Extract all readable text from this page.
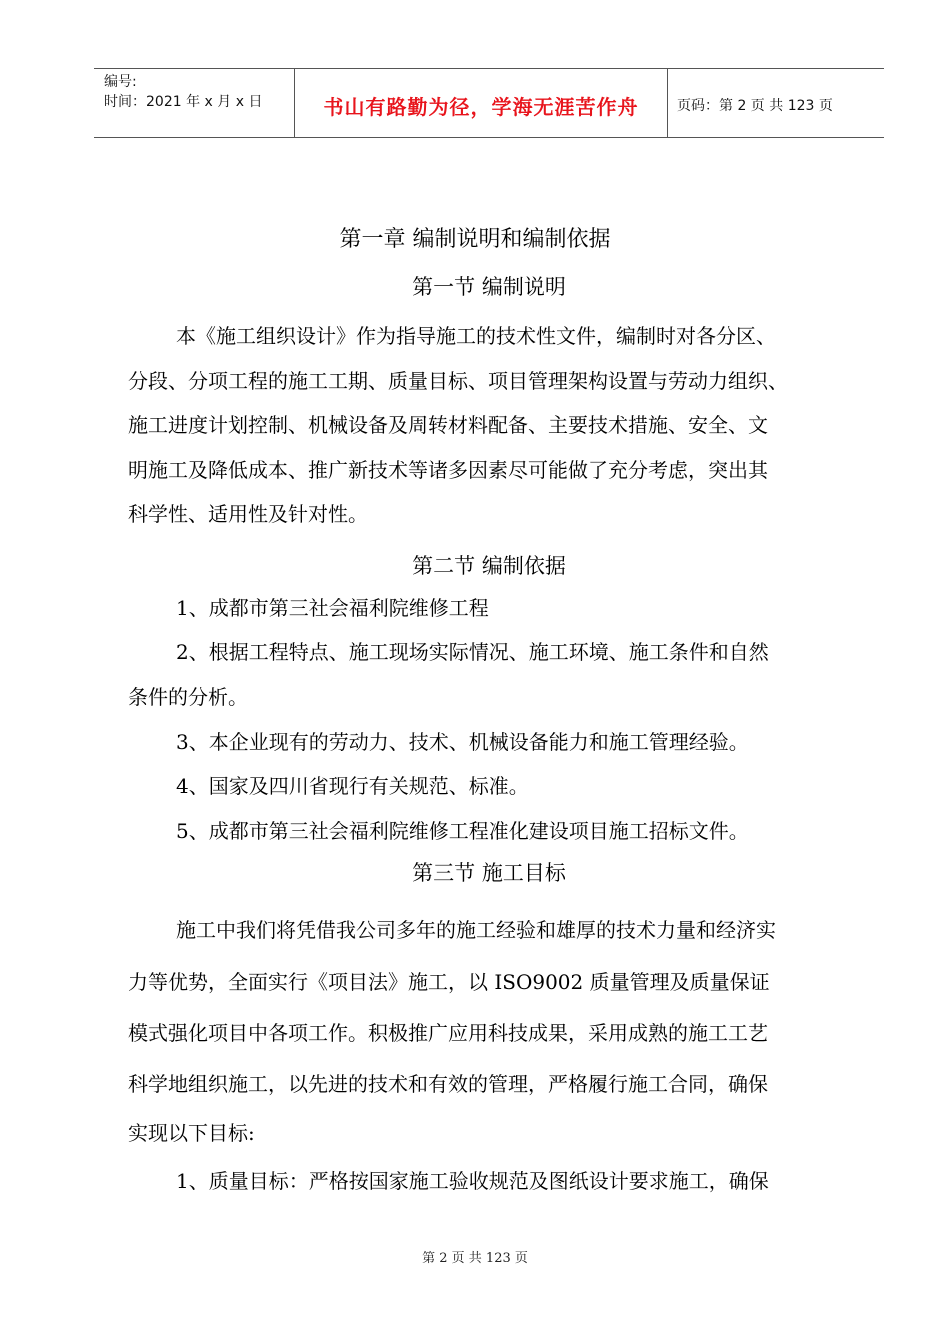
编号:
时间：2021 年 x 月 x 日	书山有路勤为径，学海无涯苦作舟	页码：第 2 页 共 123 页
第一章 编制说明和编制依据
第一节 编制说明
本《施工组织设计》作为指导施工的技术性文件，编制时对各分区、
分段、分项工程的施工工期、质量目标、项目管理架构设置与劳动力组织、
施工进度计划控制、机械设备及周转材料配备、主要技术措施、安全、文
明施工及降低成本、推广新技术等诸多因素尽可能做了充分考虑，突出其
科学性、适用性及针对性。
第二节 编制依据
1、成都市第三社会福利院维修工程
2、根据工程特点、施工现场实际情况、施工环境、施工条件和自然
条件的分析。
3、本企业现有的劳动力、技术、机械设备能力和施工管理经验。
4、国家及四川省现行有关规范、标准。
5、成都市第三社会福利院维修工程准化建设项目施工招标文件。
第三节 施工目标
施工中我们将凭借我公司多年的施工经验和雄厚的技术力量和经济实
力等优势，全面实行《项目法》施工，以 ISO9002 质量管理及质量保证
模式强化项目中各项工作。积极推广应用科技成果，采用成熟的施工工艺
科学地组织施工，以先进的技术和有效的管理，严格履行施工合同，确保
实现以下目标:
1、质量目标：严格按国家施工验收规范及图纸设计要求施工，确保
第 2 页 共 123 页
